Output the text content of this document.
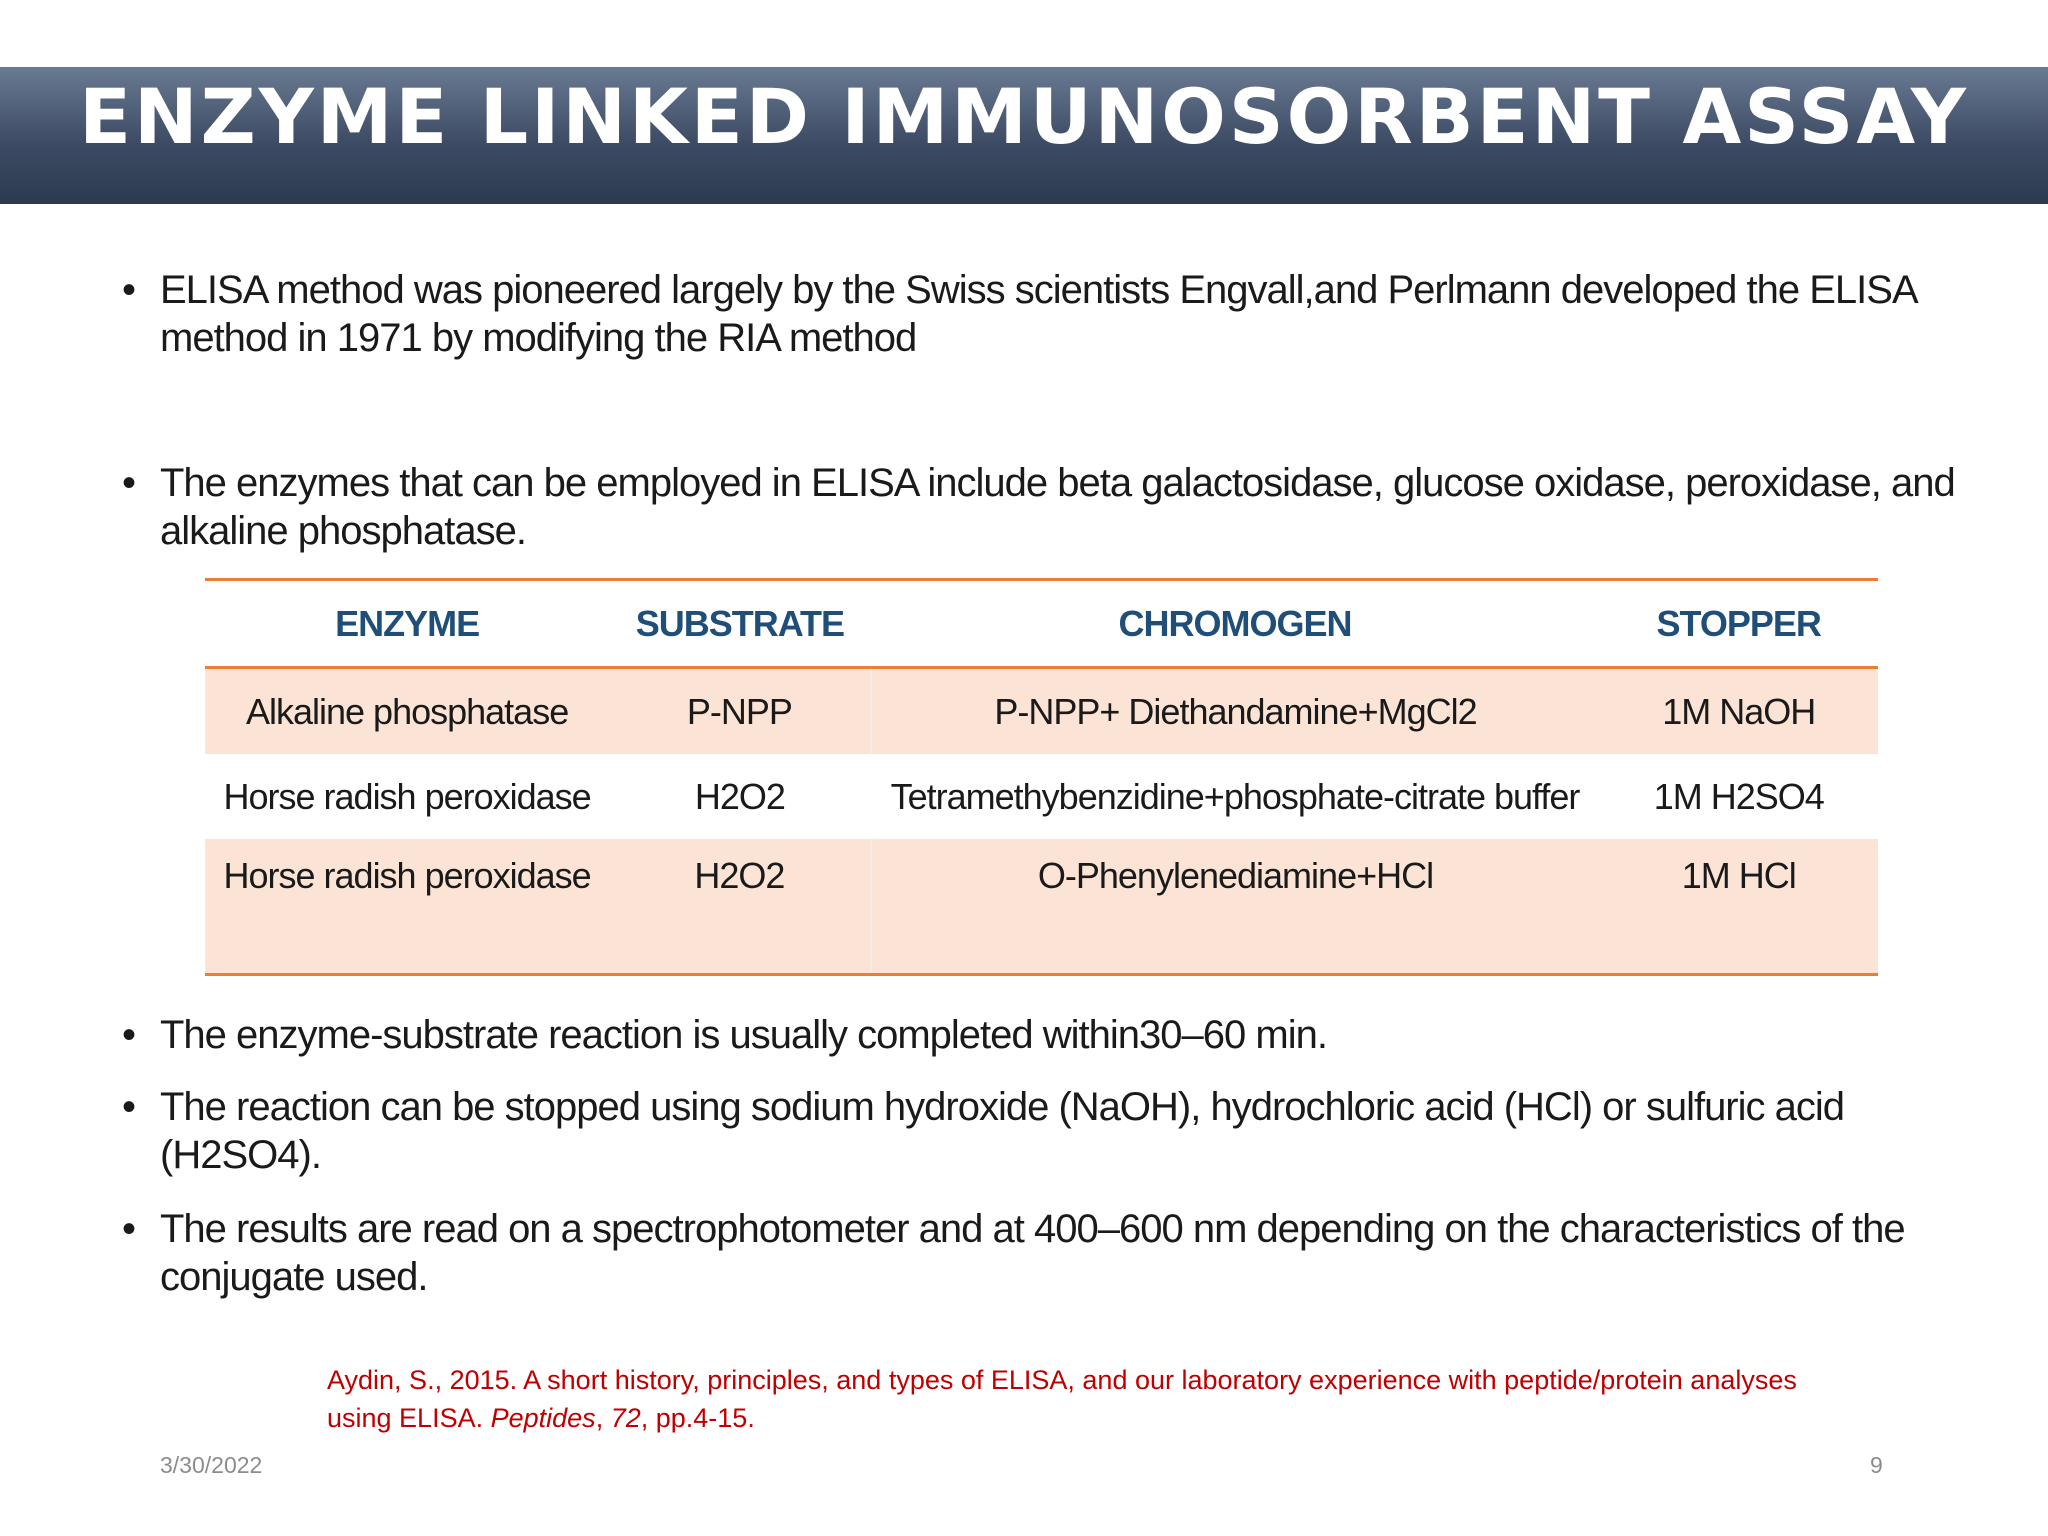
ENZYME LINKED IMMUNOSORBENT ASSAY
• ELISA method was pioneered largely by the Swiss scientists Engvall,and Perlmann developed the ELISA method in 1971 by modifying the RIA method
• The enzymes that can be employed in ELISA include beta galactosidase, glucose oxidase, peroxidase, and alkaline phosphatase.
ENZYME	SUBSTRATE	CHROMOGEN	STOPPER
Alkaline phosphatase	P-NPP	P-NPP+ Diethandamine+MgCl2	1M NaOH
Horse radish peroxidase	H2O2	Tetramethybenzidine+phosphate-citrate buffer	1M H2SO4
Horse radish peroxidase	H2O2	O-Phenylenediamine+HCl	1M HCl
• The enzyme-substrate reaction is usually completed within30–60 min.
• The reaction can be stopped using sodium hydroxide (NaOH), hydrochloric acid (HCl) or sulfuric acid (H2SO4).
• The results are read on a spectrophotometer and at 400–600 nm depending on the characteristics of the conjugate used.
Aydin, S., 2015. A short history, principles, and types of ELISA, and our laboratory experience with peptide/protein analyses using ELISA. Peptides, 72, pp.4-15.
3/30/2022	9
